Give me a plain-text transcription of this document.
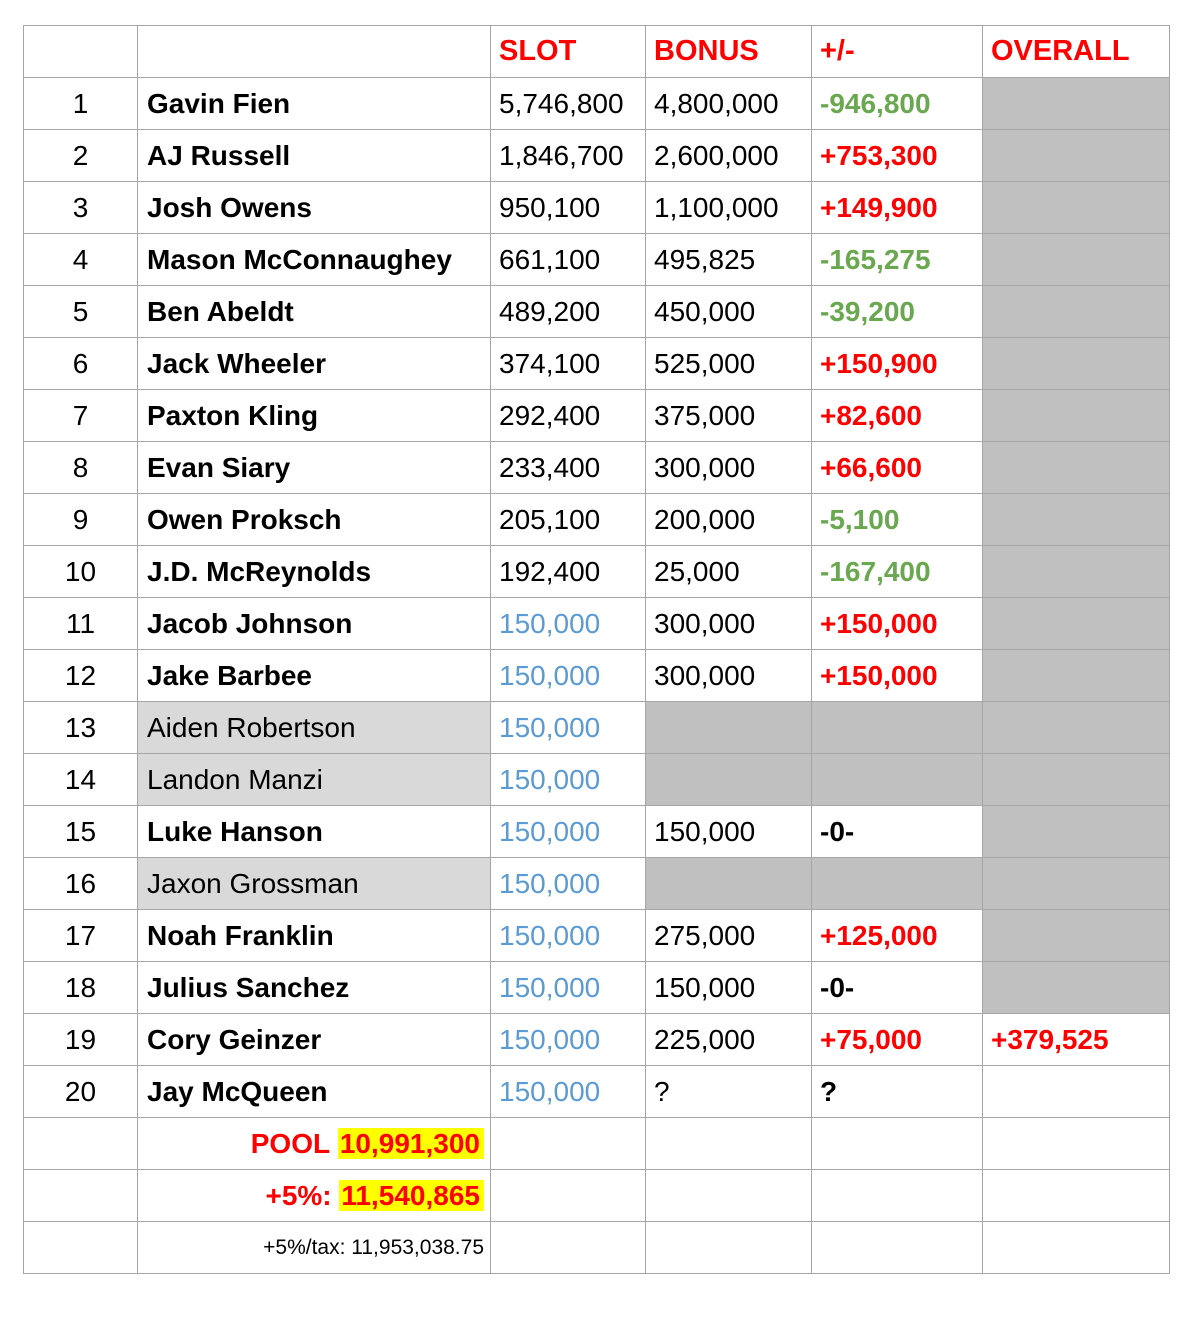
		SLOT	BONUS	+/-	OVERALL
1	Gavin Fien	5,746,800	4,800,000	-946,800	
2	AJ Russell	1,846,700	2,600,000	+753,300	
3	Josh Owens	950,100	1,100,000	+149,900	
4	Mason McConnaughey	661,100	495,825	-165,275	
5	Ben Abeldt	489,200	450,000	-39,200	
6	Jack Wheeler	374,100	525,000	+150,900	
7	Paxton Kling	292,400	375,000	+82,600	
8	Evan Siary	233,400	300,000	+66,600	
9	Owen Proksch	205,100	200,000	-5,100	
10	J.D. McReynolds	192,400	25,000	-167,400	
11	Jacob Johnson	150,000	300,000	+150,000	
12	Jake Barbee	150,000	300,000	+150,000	
13	Aiden Robertson	150,000			
14	Landon Manzi	150,000			
15	Luke Hanson	150,000	150,000	-0-	
16	Jaxon Grossman	150,000			
17	Noah Franklin	150,000	275,000	+125,000	
18	Julius Sanchez	150,000	150,000	-0-	
19	Cory Geinzer	150,000	225,000	+75,000	+379,525
20	Jay McQueen	150,000	?	?	
	POOL 10,991,300				
	+5%: 11,540,865				
	+5%/tax: 11,953,038.75				
